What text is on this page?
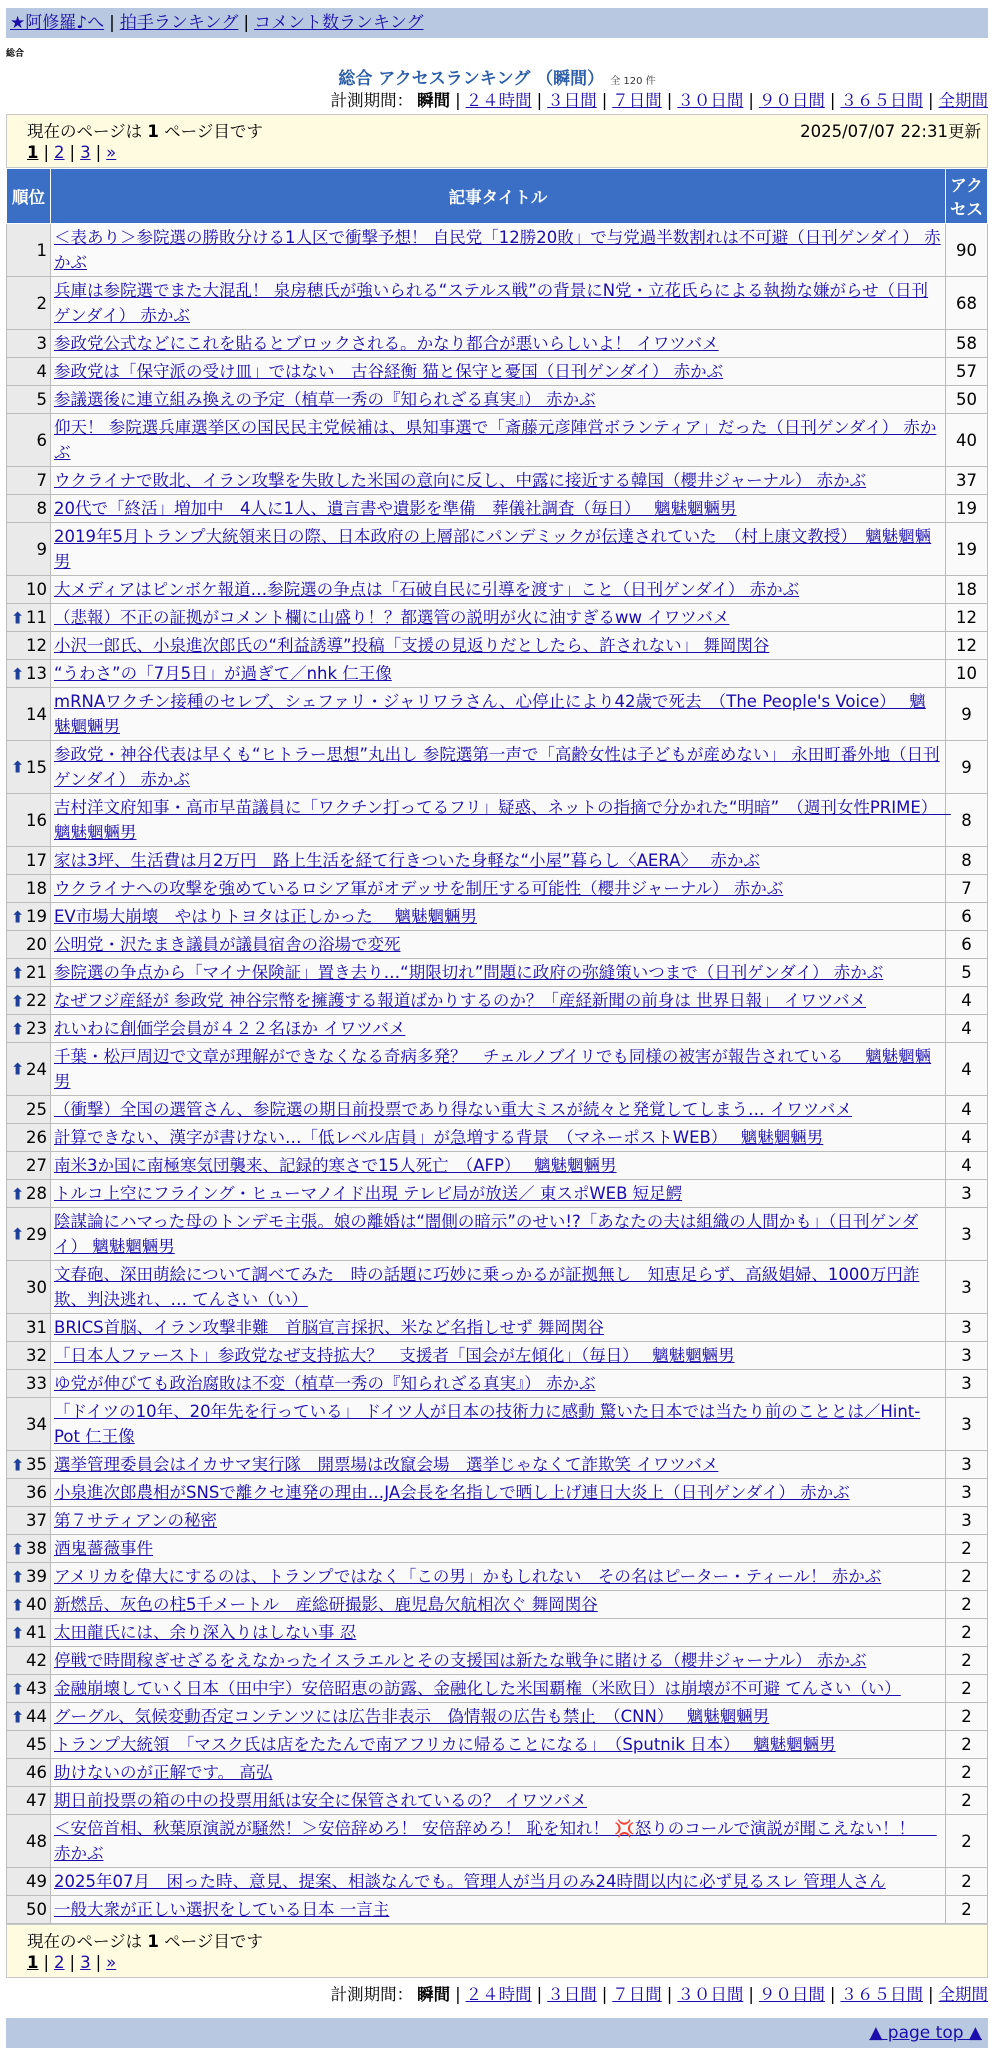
★阿修羅♪へ | 拍手ランキング | コメント数ランキング
総合
総合 アクセスランキング （瞬間） 全 120 件
計測期間： 瞬間 | ２４時間 | ３日間 | ７日間 | ３０日間 | ９０日間 | ３６５日間 | 全期間
現在のページは 1 ページ目です	2025/07/07 22:31更新
1 | 2 | 3 | »
順位	記事タイトル	アクセス
1	＜表あり＞参院選の勝敗分ける1人区で衝撃予想！ 自民党「12勝20敗」で与党過半数割れは不可避（日刊ゲンダイ） 赤かぶ	90
2	兵庫は参院選でまた大混乱！ 泉房穂氏が強いられる“ステルス戦”の背景にN党・立花氏らによる執拗な嫌がらせ（日刊ゲンダイ） 赤かぶ	68
3	参政党公式などにこれを貼るとブロックされる。かなり都合が悪いらしいよ！ イワツバメ	58
4	参政党は「保守派の受け皿」ではない　古谷経衡 猫と保守と憂国（日刊ゲンダイ） 赤かぶ	57
5	参議選後に連立組み換えの予定（植草一秀の『知られざる真実』） 赤かぶ	50
6	仰天！ 参院選兵庫選挙区の国民民主党候補は、県知事選で「斎藤元彦陣営ボランティア」だった（日刊ゲンダイ） 赤かぶ	40
7	ウクライナで敗北、イラン攻撃を失敗した米国の意向に反し、中露に接近する韓国（櫻井ジャーナル） 赤かぶ	37
8	20代で「終活」増加中　4人に1人、遺言書や遺影を準備　葬儀社調査（毎日）　 魑魅魍魎男	19
9	2019年5月トランプ大統領来日の際、日本政府の上層部にパンデミックが伝達されていた　（村上康文教授）　魑魅魍魎男	19
10	大メディアはピンボケ報道…参院選の争点は「石破自民に引導を渡す」こと（日刊ゲンダイ） 赤かぶ	18

⬆ 11	（悲報）不正の証拠がコメント欄に山盛り！？都選管の説明が火に油すぎるww イワツバメ	12
12	小沢一郎氏、小泉進次郎氏の“利益誘導”投稿「支援の見返りだとしたら、許されない」 舞岡関谷	12

⬆ 13	“うわさ”の「7月5日」が過ぎて／nhk 仁王像	10
14	mRNAワクチン接種のセレブ、シェファリ・ジャリワラさん、心停止により42歳で死去　（The People's Voice）　 魑魅魍魎男	9

⬆ 15	参政党・神谷代表は早くも“ヒトラー思想”丸出し 参院選第一声で「高齢女性は子どもが産めない」 永田町番外地（日刊ゲンダイ） 赤かぶ	9
16	吉村洋文府知事・高市早苗議員に「ワクチン打ってるフリ」疑惑、ネットの指摘で分かれた“明暗”　（週刊女性PRIME）　 魑魅魍魎男	8
17	家は3坪、生活費は月2万円　路上生活を経て行きついた身軽な“小屋”暮らし〈AERA〉　 赤かぶ	8
18	ウクライナへの攻撃を強めているロシア軍がオデッサを制圧する可能性（櫻井ジャーナル） 赤かぶ	7

⬆ 19	EV市場大崩壊　やはりトヨタは正しかった　 魑魅魍魎男	6
20	公明党・沢たまき議員が議員宿舎の浴場で変死	6

⬆ 21	参院選の争点から「マイナ保険証」置き去り…“期限切れ”問題に政府の弥縫策いつまで（日刊ゲンダイ） 赤かぶ	5

⬆ 22	なぜフジ産経が 参政党 神谷宗幣を擁護する報道ばかりするのか？「産経新聞の前身は 世界日報」 イワツバメ	4

⬆ 23	れいわに創価学会員が４２２名ほか イワツバメ	4

⬆ 24	千葉・松戸周辺で文章が理解ができなくなる奇病多発？　チェルノブイリでも同様の被害が報告されている　 魑魅魍魎男	4
25	（衝撃）全国の選管さん、参院選の期日前投票であり得ない重大ミスが続々と発覚してしまう… イワツバメ	4
26	計算できない、漢字が書けない…「低レベル店員」が急増する背景　（マネーポストWEB）　 魑魅魍魎男	4
27	南米3か国に南極寒気団襲来、記録的寒さで15人死亡　（AFP）　 魑魅魍魎男	4

⬆ 28	トルコ上空にフライング・ヒューマノイド出現 テレビ局が放送／ 東スポWEB 短足鰐	3

⬆ 29	陰謀論にハマった母のトンデモ主張。娘の離婚は“闇側の暗示”のせい!?「あなたの夫は組織の人間かも」（日刊ゲンダイ） 魑魅魍魎男	3
30	文春砲、深田萌絵について調べてみた　時の話題に巧妙に乗っかるが証拠無し　知恵足らず、高級娼婦、1000万円詐欺、判決逃れ、… てんさい（い）	3
31	BRICS首脳、イラン攻撃非難　首脳宣言採択、米など名指しせず 舞岡関谷	3
32	「日本人ファースト」参政党なぜ支持拡大？　支援者「国会が左傾化」（毎日）　 魑魅魍魎男	3
33	ゆ党が伸びても政治腐敗は不変（植草一秀の『知られざる真実』） 赤かぶ	3
34	「ドイツの10年、20年先を行っている」 ドイツ人が日本の技術力に感動 驚いた日本では当たり前のこととは／Hint-Pot 仁王像	3

⬆ 35	選挙管理委員会はイカサマ実行隊　開票場は改竄会場　選挙じゃなくて詐欺笑 イワツバメ	3
36	小泉進次郎農相がSNSで離クセ連発の理由…JA会長を名指しで晒し上げ連日大炎上（日刊ゲンダイ） 赤かぶ	3
37	第７サティアンの秘密	3

⬆ 38	酒鬼薔薇事件	2

⬆ 39	アメリカを偉大にするのは、トランプではなく「この男」かもしれない　その名はピーター・ティール！ 赤かぶ	2

⬆ 40	新燃岳、灰色の柱5千メートル　産総研撮影、鹿児島欠航相次ぐ 舞岡関谷	2

⬆ 41	太田龍氏には、余り深入りはしない事 忍	2
42	停戦で時間稼ぎせざるをえなかったイスラエルとその支援国は新たな戦争に賭ける（櫻井ジャーナル） 赤かぶ	2

⬆ 43	金融崩壊していく日本（田中宇）安倍昭恵の訪露、金融化した米国覇権（米欧日）は崩壊が不可避 てんさい（い）	2

⬆ 44	グーグル、気候変動否定コンテンツには広告非表示　偽情報の広告も禁止　（CNN）　 魑魅魍魎男	2
45	トランプ大統領　「マスク氏は店をたたんで南アフリカに帰ることになる」　（Sputnik 日本）　 魑魅魍魎男	2
46	助けないのが正解です。 高弘	2
47	期日前投票の箱の中の投票用紙は安全に保管されているの？ イワツバメ	2
48	＜安倍首相、秋葉原演説が騒然！＞安倍辞めろ！ 安倍辞めろ！ 恥を知れ！ 💢怒りのコールで演説が聞こえない！！　 赤かぶ	2
49	2025年07月　困った時、意見、提案、相談なんでも。管理人が当月のみ24時間以内に必ず見るスレ 管理人さん	2
50	一般大衆が正しい選択をしている日本 一言主	2
現在のページは 1 ページ目です
1 | 2 | 3 | »
計測期間： 瞬間 | ２４時間 | ３日間 | ７日間 | ３０日間 | ９０日間 | ３６５日間 | 全期間
▲ page top ▲
